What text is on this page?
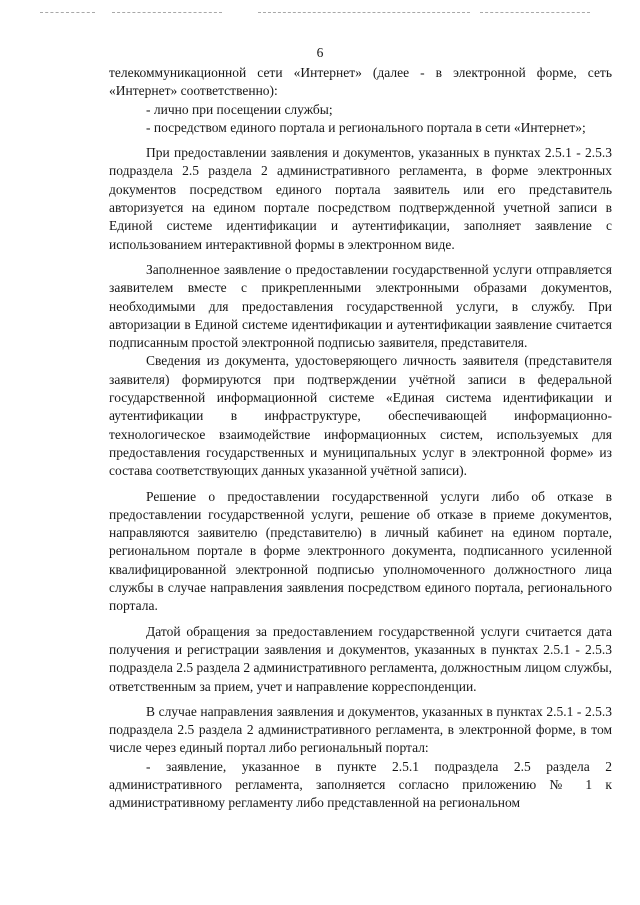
6

телекоммуникационной сети «Интернет» (далее - в электронной форме, сеть «Интернет» соответственно):

- лично при посещении службы;

- посредством единого портала и регионального портала в сети «Интернет»;

При предоставлении заявления и документов, указанных в пунктах 2.5.1 - 2.5.3 подраздела 2.5 раздела 2 административного регламента, в форме электронных документов посредством единого портала заявитель или его представитель авторизуется на едином портале посредством подтвержденной учетной записи в Единой системе идентификации и аутентификации, заполняет заявление с использованием интерактивной формы в электронном виде.

Заполненное заявление о предоставлении государственной услуги отправляется заявителем вместе с прикрепленными электронными образами документов, необходимыми для предоставления государственной услуги, в службу. При авторизации в Единой системе идентификации и аутентификации заявление считается подписанным простой электронной подписью заявителя, представителя.

Сведения из документа, удостоверяющего личность заявителя (представителя заявителя) формируются при подтверждении учётной записи в федеральной государственной информационной системе «Единая система идентификации и аутентификации в инфраструктуре, обеспечивающей информационно-технологическое взаимодействие информационных систем, используемых для предоставления государственных и муниципальных услуг в электронной форме» из состава соответствующих данных указанной учётной записи).

Решение о предоставлении государственной услуги либо об отказе в предоставлении государственной услуги, решение об отказе в приеме документов, направляются заявителю (представителю) в личный кабинет на едином портале, региональном портале в форме электронного документа, подписанного усиленной квалифицированной электронной подписью уполномоченного должностного лица службы в случае направления заявления посредством единого портала, регионального портала.

Датой обращения за предоставлением государственной услуги считается дата получения и регистрации заявления и документов, указанных в пунктах 2.5.1 - 2.5.3 подраздела 2.5 раздела 2 административного регламента, должностным лицом службы, ответственным за прием, учет и направление корреспонденции.

В случае направления заявления и документов, указанных в пунктах 2.5.1 - 2.5.3 подраздела 2.5 раздела 2 административного регламента, в электронной форме, в том числе через единый портал либо региональный портал:

- заявление, указанное в пункте 2.5.1 подраздела 2.5 раздела 2 административного регламента, заполняется согласно приложению № 1 к административному регламенту либо представленной на региональном
